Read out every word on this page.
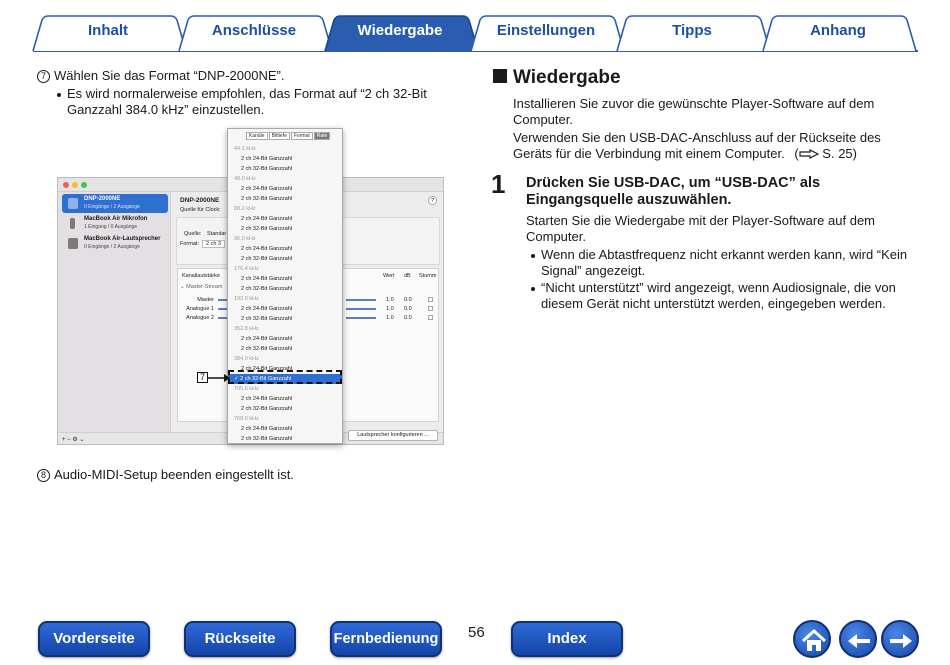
Inhalt	Anschlüsse	Wiedergabe	Einstellungen	Tipps	Anhang
7 Wählen Sie das Format “DNP-2000NE”.
Es wird normalerweise empfohlen, das Format auf “2 ch 32-Bit
Ganzzahl 384.0 kHz” einzustellen.
DNP-2000NE
0 Eingänge / 2 Ausgänge
MacBook Air Mikrofon
1 Eingang / 0 Ausgänge
MacBook Air-Lautsprecher
0 Eingänge / 2 Ausgänge
DNP-2000NE
Quelle für Clock:
?
Quelle: Standar
Format:	2 ch 3
Kanallautstärke	Wert dB Stumm
⌄ Master-Stream
Master	1.0 0.0
Analogue 1	1.0 0.0
Analogue 2	1.0 0.0
+ − ⚙ ⌄
Lautsprecher konfigurieren ...
Kanäle Bittiefe Format Rate
44.1 kHz
2 ch 24-Bit Ganzzahl
2 ch 32-Bit Ganzzahl
48.0 kHz
2 ch 24-Bit Ganzzahl
2 ch 32-Bit Ganzzahl
88.2 kHz
2 ch 24-Bit Ganzzahl
2 ch 32-Bit Ganzzahl
96.0 kHz
2 ch 24-Bit Ganzzahl
2 ch 32-Bit Ganzzahl
176.4 kHz
2 ch 24-Bit Ganzzahl
2 ch 32-Bit Ganzzahl
192.0 kHz
2 ch 24-Bit Ganzzahl
2 ch 32-Bit Ganzzahl
352.8 kHz
2 ch 24-Bit Ganzzahl
2 ch 32-Bit Ganzzahl
384.0 kHz
2 ch 24-Bit Ganzzahl
✓ 2 ch 32-Bit Ganzzahl
705.6 kHz
2 ch 24-Bit Ganzzahl
2 ch 32-Bit Ganzzahl
768.0 kHz
2 ch 24-Bit Ganzzahl
2 ch 32-Bit Ganzzahl
7
8 Audio-MIDI-Setup beenden eingestellt ist.
Wiedergabe
Installieren Sie zuvor die gewünschte Player-Software auf dem
Computer.
Verwenden Sie den USB-DAC-Anschluss auf der Rückseite des
Geräts für die Verbindung mit einem Computer. ( S. 25)
1 Drücken Sie USB-DAC, um “USB-DAC” als
Eingangsquelle auszuwählen.
Starten Sie die Wiedergabe mit der Player-Software auf dem
Computer.
Wenn die Abtastfrequenz nicht erkannt werden kann, wird “Kein
Signal” angezeigt.
“Nicht unterstützt” wird angezeigt, wenn Audiosignale, die von
diesem Gerät nicht unterstützt werden, eingegeben werden.
Vorderseite	Rückseite	Fernbedienung 56	Index
